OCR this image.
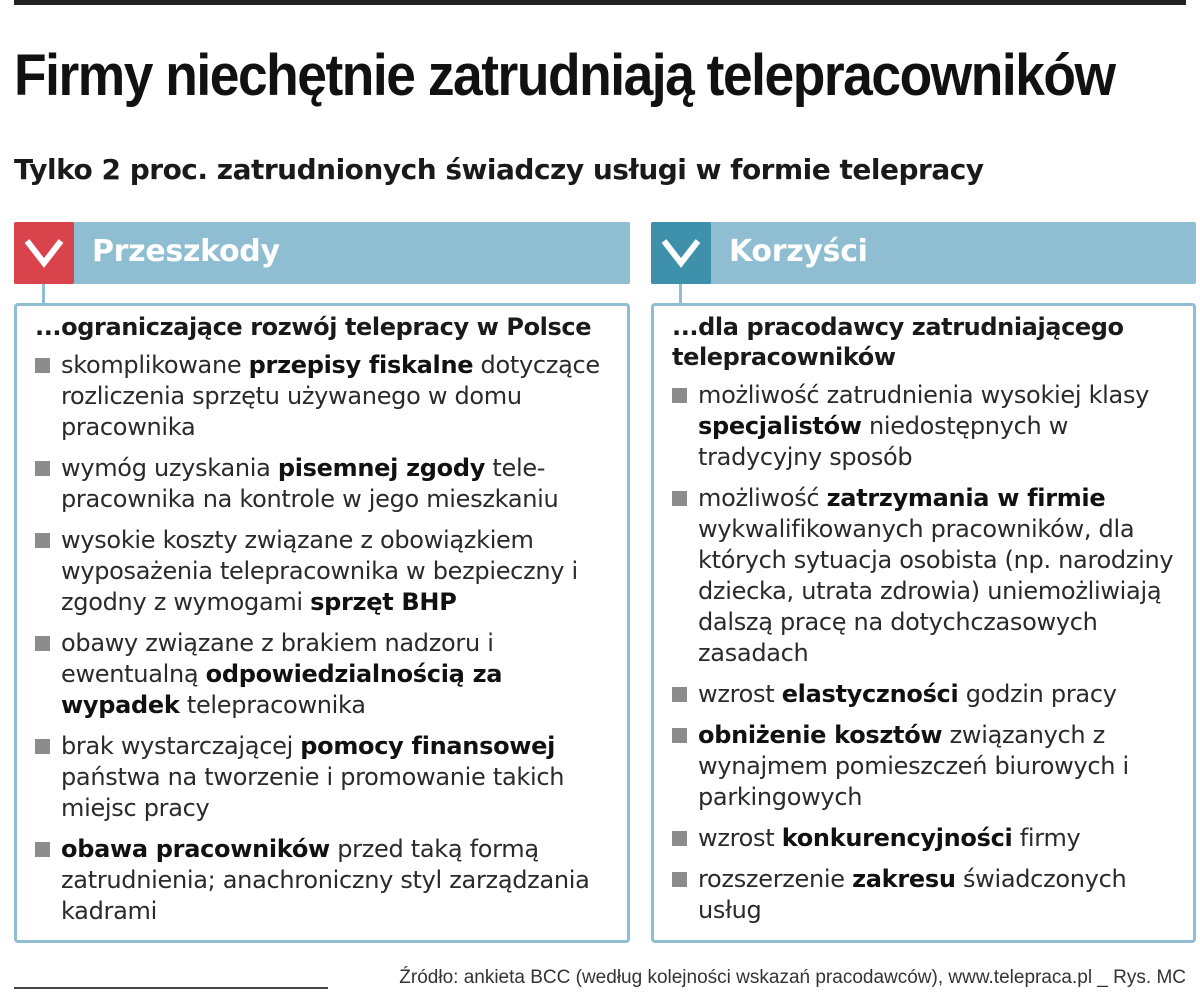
Firmy niechętnie zatrudniają telepracowników
Tylko 2 proc. zatrudnionych świadczy usługi w formie telepracy
Przeszkody

...ograniczające rozwój telepracy w Polsce

skomplikowane przepisy fiskalne dotyczące rozliczenia sprzętu używanego w domu pracownika
wymóg uzyskania pisemnej zgody tele-pracownika na kontrole w jego mieszkaniu
wysokie koszty związane z obowiązkiem wyposażenia telepracownika w bezpieczny i zgodny z wymogami sprzęt BHP
obawy związane z brakiem nadzoru i ewentualną odpowiedzialnością za wypadek telepracownika
brak wystarczającej pomocy finansowej państwa na tworzenie i promowanie takich miejsc pracy
obawa pracowników przed taką formą zatrudnienia; anachroniczny styl zarządzania kadrami
Korzyści

...dla pracodawcy zatrudniającego telepracowników

możliwość zatrudnienia wysokiej klasy specjalistów niedostępnych w tradycyjny sposób
możliwość zatrzymania w firmie wykwalifikowanych pracowników, dla których sytuacja osobista (np. narodziny dziecka, utrata zdrowia) uniemożliwiają dalszą pracę na dotychczasowych zasadach
wzrost elastyczności godzin pracy
obniżenie kosztów związanych z wynajmem pomieszczeń biurowych i parkingowych
wzrost konkurencyjności firmy
rozszerzenie zakresu świadczonych usług

Źródło: ankieta BCC (według kolejności wskazań pracodawców), www.telepraca.pl _ Rys. MC
